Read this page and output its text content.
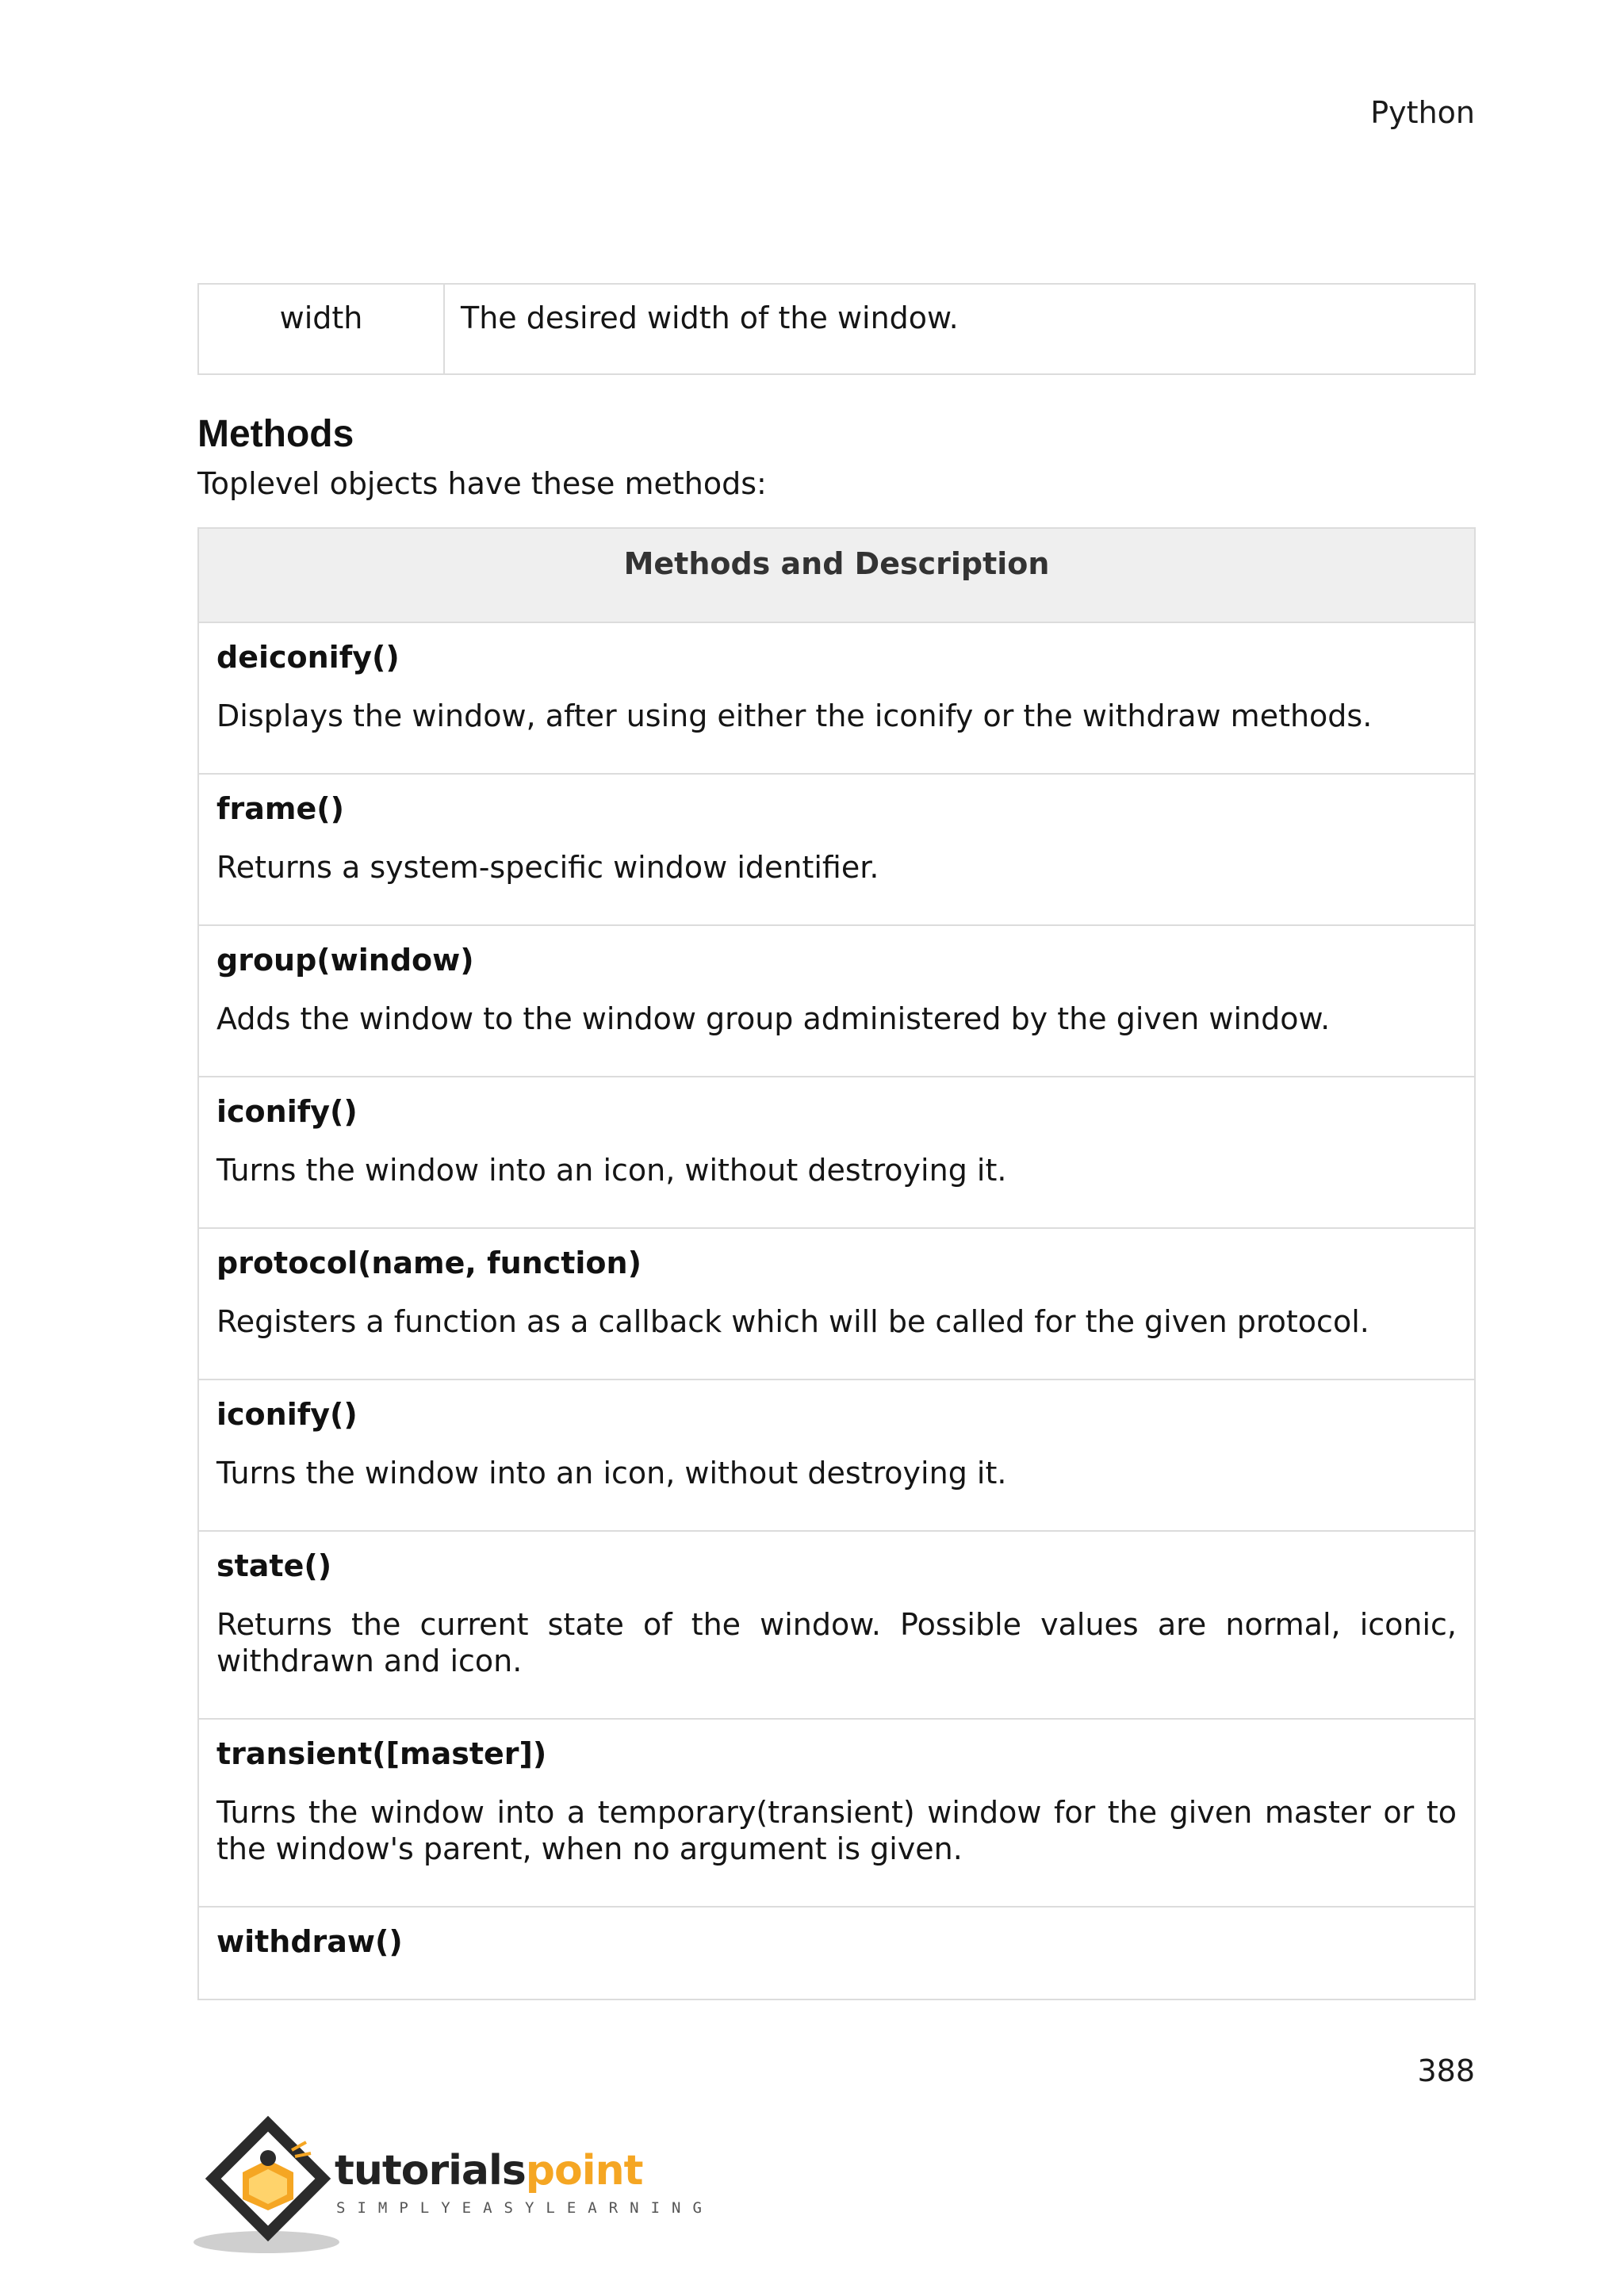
Python
width	The desired width of the window.
Methods

Toplevel objects have these methods:

Methods and Description

deiconify()
Displays the window, after using either the iconify or the withdraw methods.

frame()
Returns a system-specific window identifier.

group(window)
Adds the window to the window group administered by the given window.

iconify()
Turns the window into an icon, without destroying it.

protocol(name, function)
Registers a function as a callback which will be called for the given protocol.

iconify()
Turns the window into an icon, without destroying it.

state()
Returns the current state of the window. Possible values are normal, iconic, withdrawn and icon.

transient([master])
Turns the window into a temporary(transient) window for the given master or to the window's parent, when no argument is given.

withdraw()
388
tutorialspoint
SIMPLYEASYLEARNING
